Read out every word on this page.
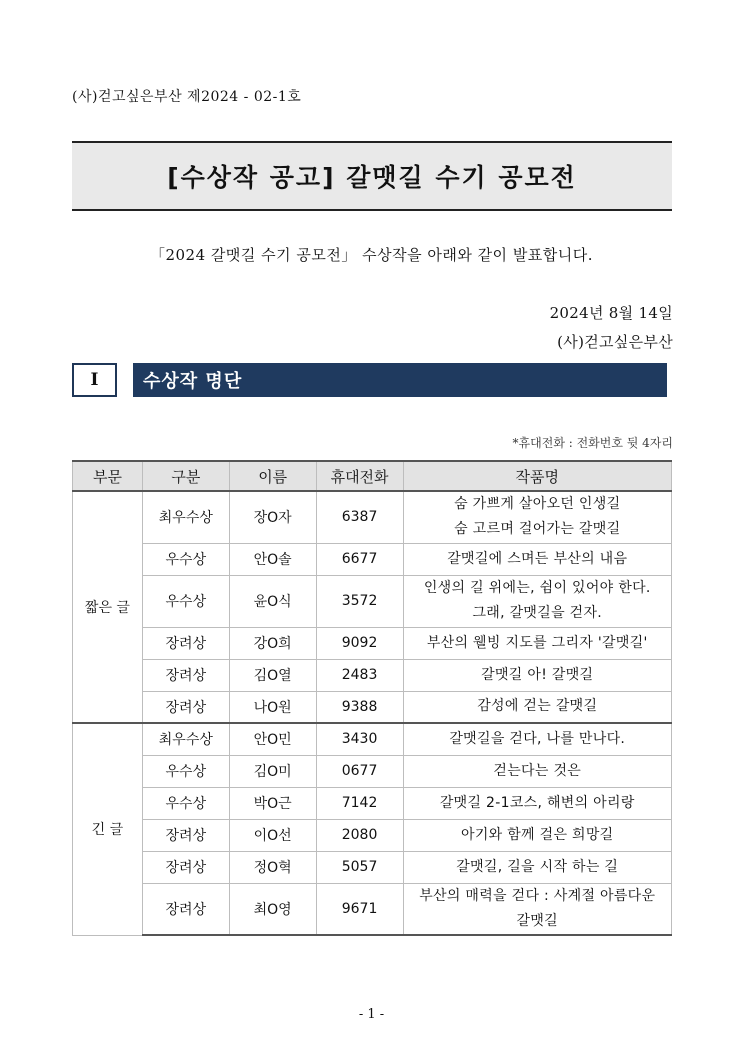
(사)걷고싶은부산 제2024 - 02-1호
[수상작 공고] 갈맷길 수기 공모전
「2024 갈맷길 수기 공모전」 수상작을 아래와 같이 발표합니다.
2024년 8월 14일
(사)걷고싶은부산
I	수상작 명단
*휴대전화 : 전화번호 뒷 4자리
부문	구분	이름	휴대전화	작품명
짧은 글	최우수상	장O자	6387	숨 가쁘게 살아오던 인생길
숨 고르며 걸어가는 갈맷길

	우수상	안O솔	6677	갈맷길에 스며든 부산의 내음

	우수상	윤O식	3572	인생의 길 위에는, 쉼이 있어야 한다.
그래, 갈맷길을 걷자.

	장려상	강O희	9092	부산의 웰빙 지도를 그리자 '갈맷길'

	장려상	김O열	2483	갈맷길 아! 갈맷길

	장려상	나O원	9388	감성에 걷는 갈맷길

긴 글	최우수상	안O민	3430	갈맷길을 걷다, 나를 만나다.

	우수상	김O미	0677	걷는다는 것은

	우수상	박O근	7142	갈맷길 2-1코스, 해변의 아리랑

	장려상	이O선	2080	아기와 함께 걸은 희망길

	장려상	정O혁	5057	갈맷길, 길을 시작 하는 길

	장려상	최O영	9671	부산의 매력을 걷다 : 사계절 아름다운
갈맷길
- 1 -
